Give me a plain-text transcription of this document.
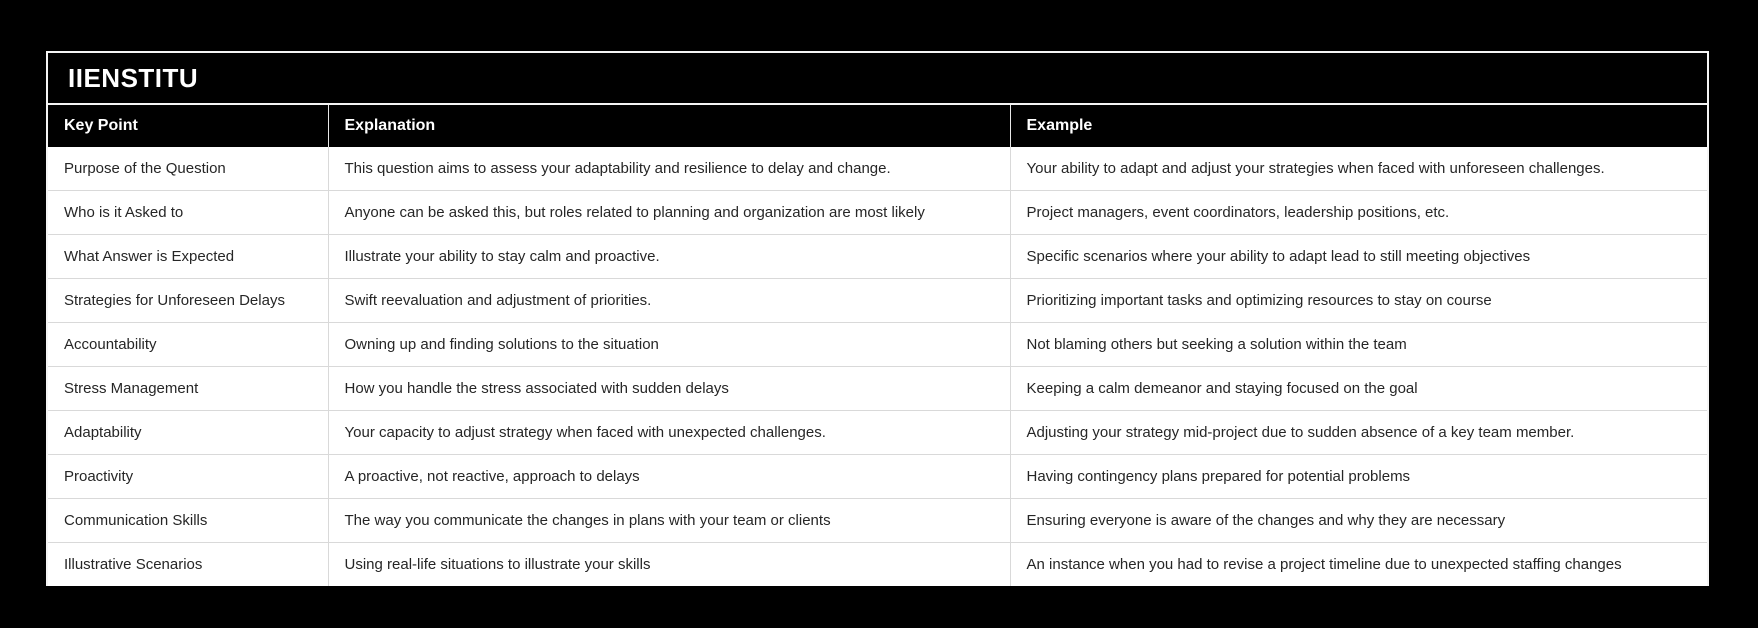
IIENSTITU
Key Point	Explanation	Example
Purpose of the Question	This question aims to assess your adaptability and resilience to delay and change.	Your ability to adapt and adjust your strategies when faced with unforeseen challenges.
Who is it Asked to	Anyone can be asked this, but roles related to planning and organization are most likely	Project managers, event coordinators, leadership positions, etc.
What Answer is Expected	Illustrate your ability to stay calm and proactive.	Specific scenarios where your ability to adapt lead to still meeting objectives
Strategies for Unforeseen Delays	Swift reevaluation and adjustment of priorities.	Prioritizing important tasks and optimizing resources to stay on course
Accountability	Owning up and finding solutions to the situation	Not blaming others but seeking a solution within the team
Stress Management	How you handle the stress associated with sudden delays	Keeping a calm demeanor and staying focused on the goal
Adaptability	Your capacity to adjust strategy when faced with unexpected challenges.	Adjusting your strategy mid-project due to sudden absence of a key team member.
Proactivity	A proactive, not reactive, approach to delays	Having contingency plans prepared for potential problems
Communication Skills	The way you communicate the changes in plans with your team or clients	Ensuring everyone is aware of the changes and why they are necessary
Illustrative Scenarios	Using real-life situations to illustrate your skills	An instance when you had to revise a project timeline due to unexpected staffing changes
